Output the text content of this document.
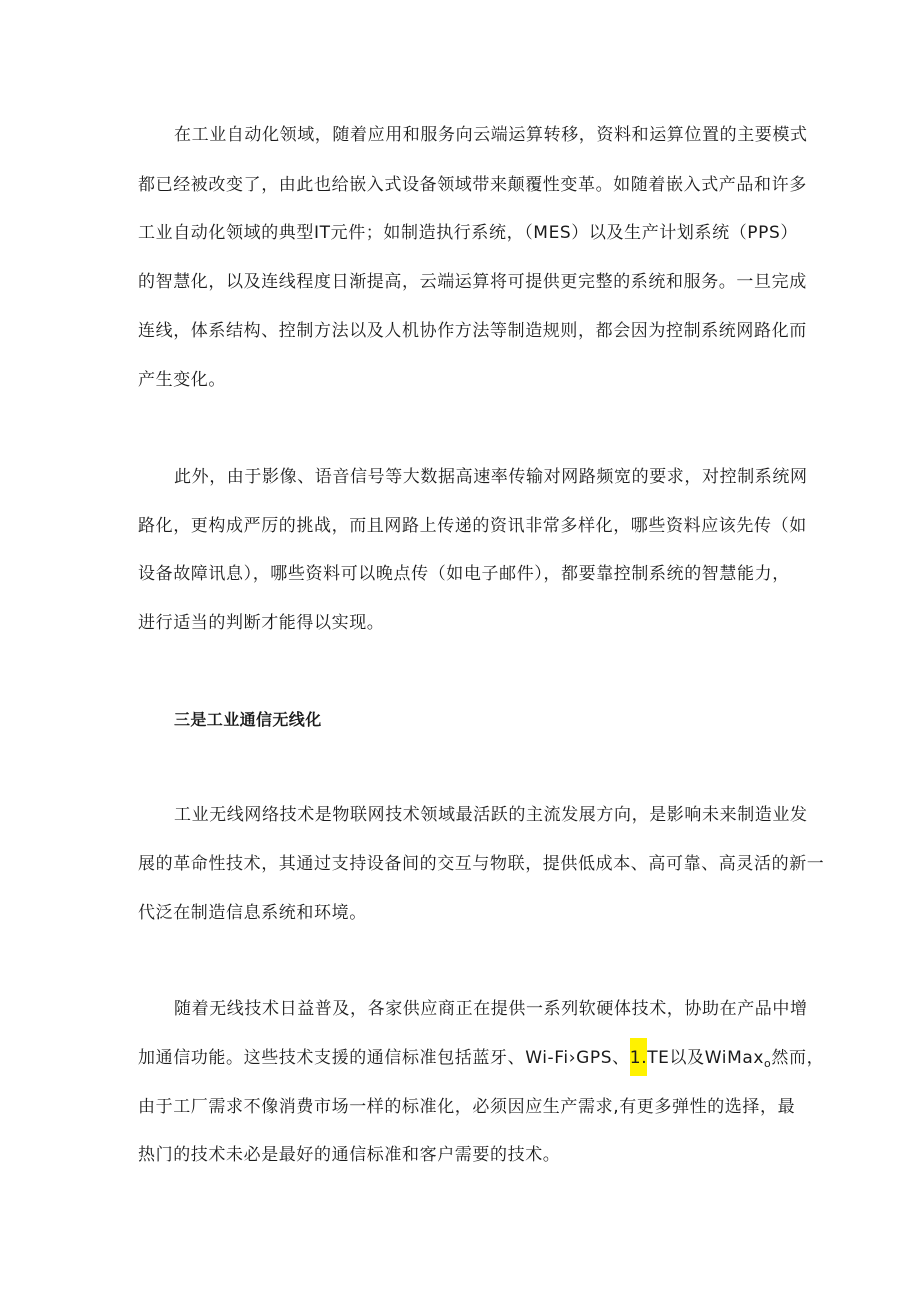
在工业自动化领域，随着应用和服务向云端运算转移，资料和运算位置的主要模式
都已经被改变了，由此也给嵌入式设备领域带来颠覆性变革。如随着嵌入式产品和许多
工业自动化领域的典型IT元件；如制造执行系统，（MES）以及生产计划系统（PPS）
的智慧化，以及连线程度日渐提高，云端运算将可提供更完整的系统和服务。一旦完成
连线，体系结构、控制方法以及人机协作方法等制造规则，都会因为控制系统网路化而
产生变化。
此外，由于影像、语音信号等大数据高速率传输对网路频宽的要求，对控制系统网
路化，更构成严厉的挑战，而且网路上传递的资讯非常多样化，哪些资料应该先传（如
设备故障讯息），哪些资料可以晚点传（如电子邮件），都要靠控制系统的智慧能力，
进行适当的判断才能得以实现。
三是工业通信无线化
工业无线网络技术是物联网技术领域最活跃的主流发展方向，是影响未来制造业发
展的革命性技术，其通过支持设备间的交互与物联，提供低成本、高可靠、高灵活的新一
代泛在制造信息系统和环境。
随着无线技术日益普及，各家供应商正在提供一系列软硬体技术，协助在产品中增
加通信功能。这些技术支援的通信标准包括蓝牙、Wi-Fi›GPS、1.TE以及WiMax$_o$然而，
由于工厂需求不像消费市场一样的标准化，必须因应生产需求,有更多弹性的选择，最
热门的技术未必是最好的通信标准和客户需要的技术。
